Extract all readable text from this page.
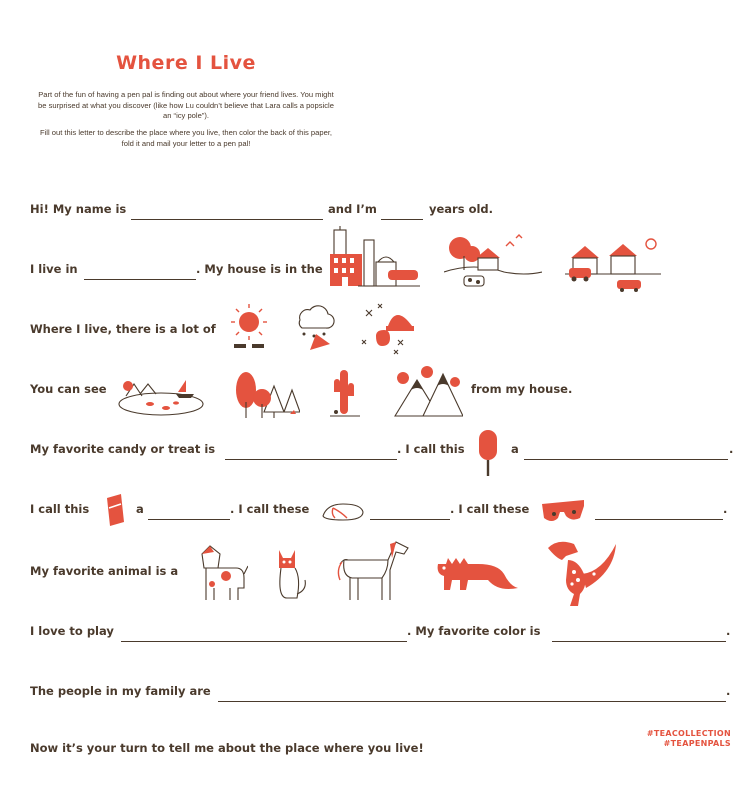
Where I Live
Part of the fun of having a pen pal is finding out about where your friend lives. You might be surprised at what you discover (like how Lu couldn’t believe that Lara calls a popsicle an “icy pole”).
Fill out this letter to describe the place where you live, then color the back of this paper, fold it and mail your letter to a pen pal!
Hi! My name is	and I’m	years old.
I live in	. My house is in the
Where I live, there is a lot of
You can see	from my house.
My favorite candy or treat is	. I call this	a	.
I call this	a	. I call these	. I call these	.
My favorite animal is a
I love to play	. My favorite color is	.
The people in my family are	.
Now it’s your turn to tell me about the place where you live!
#TEACOLLECTION
#TEAPENPALS
